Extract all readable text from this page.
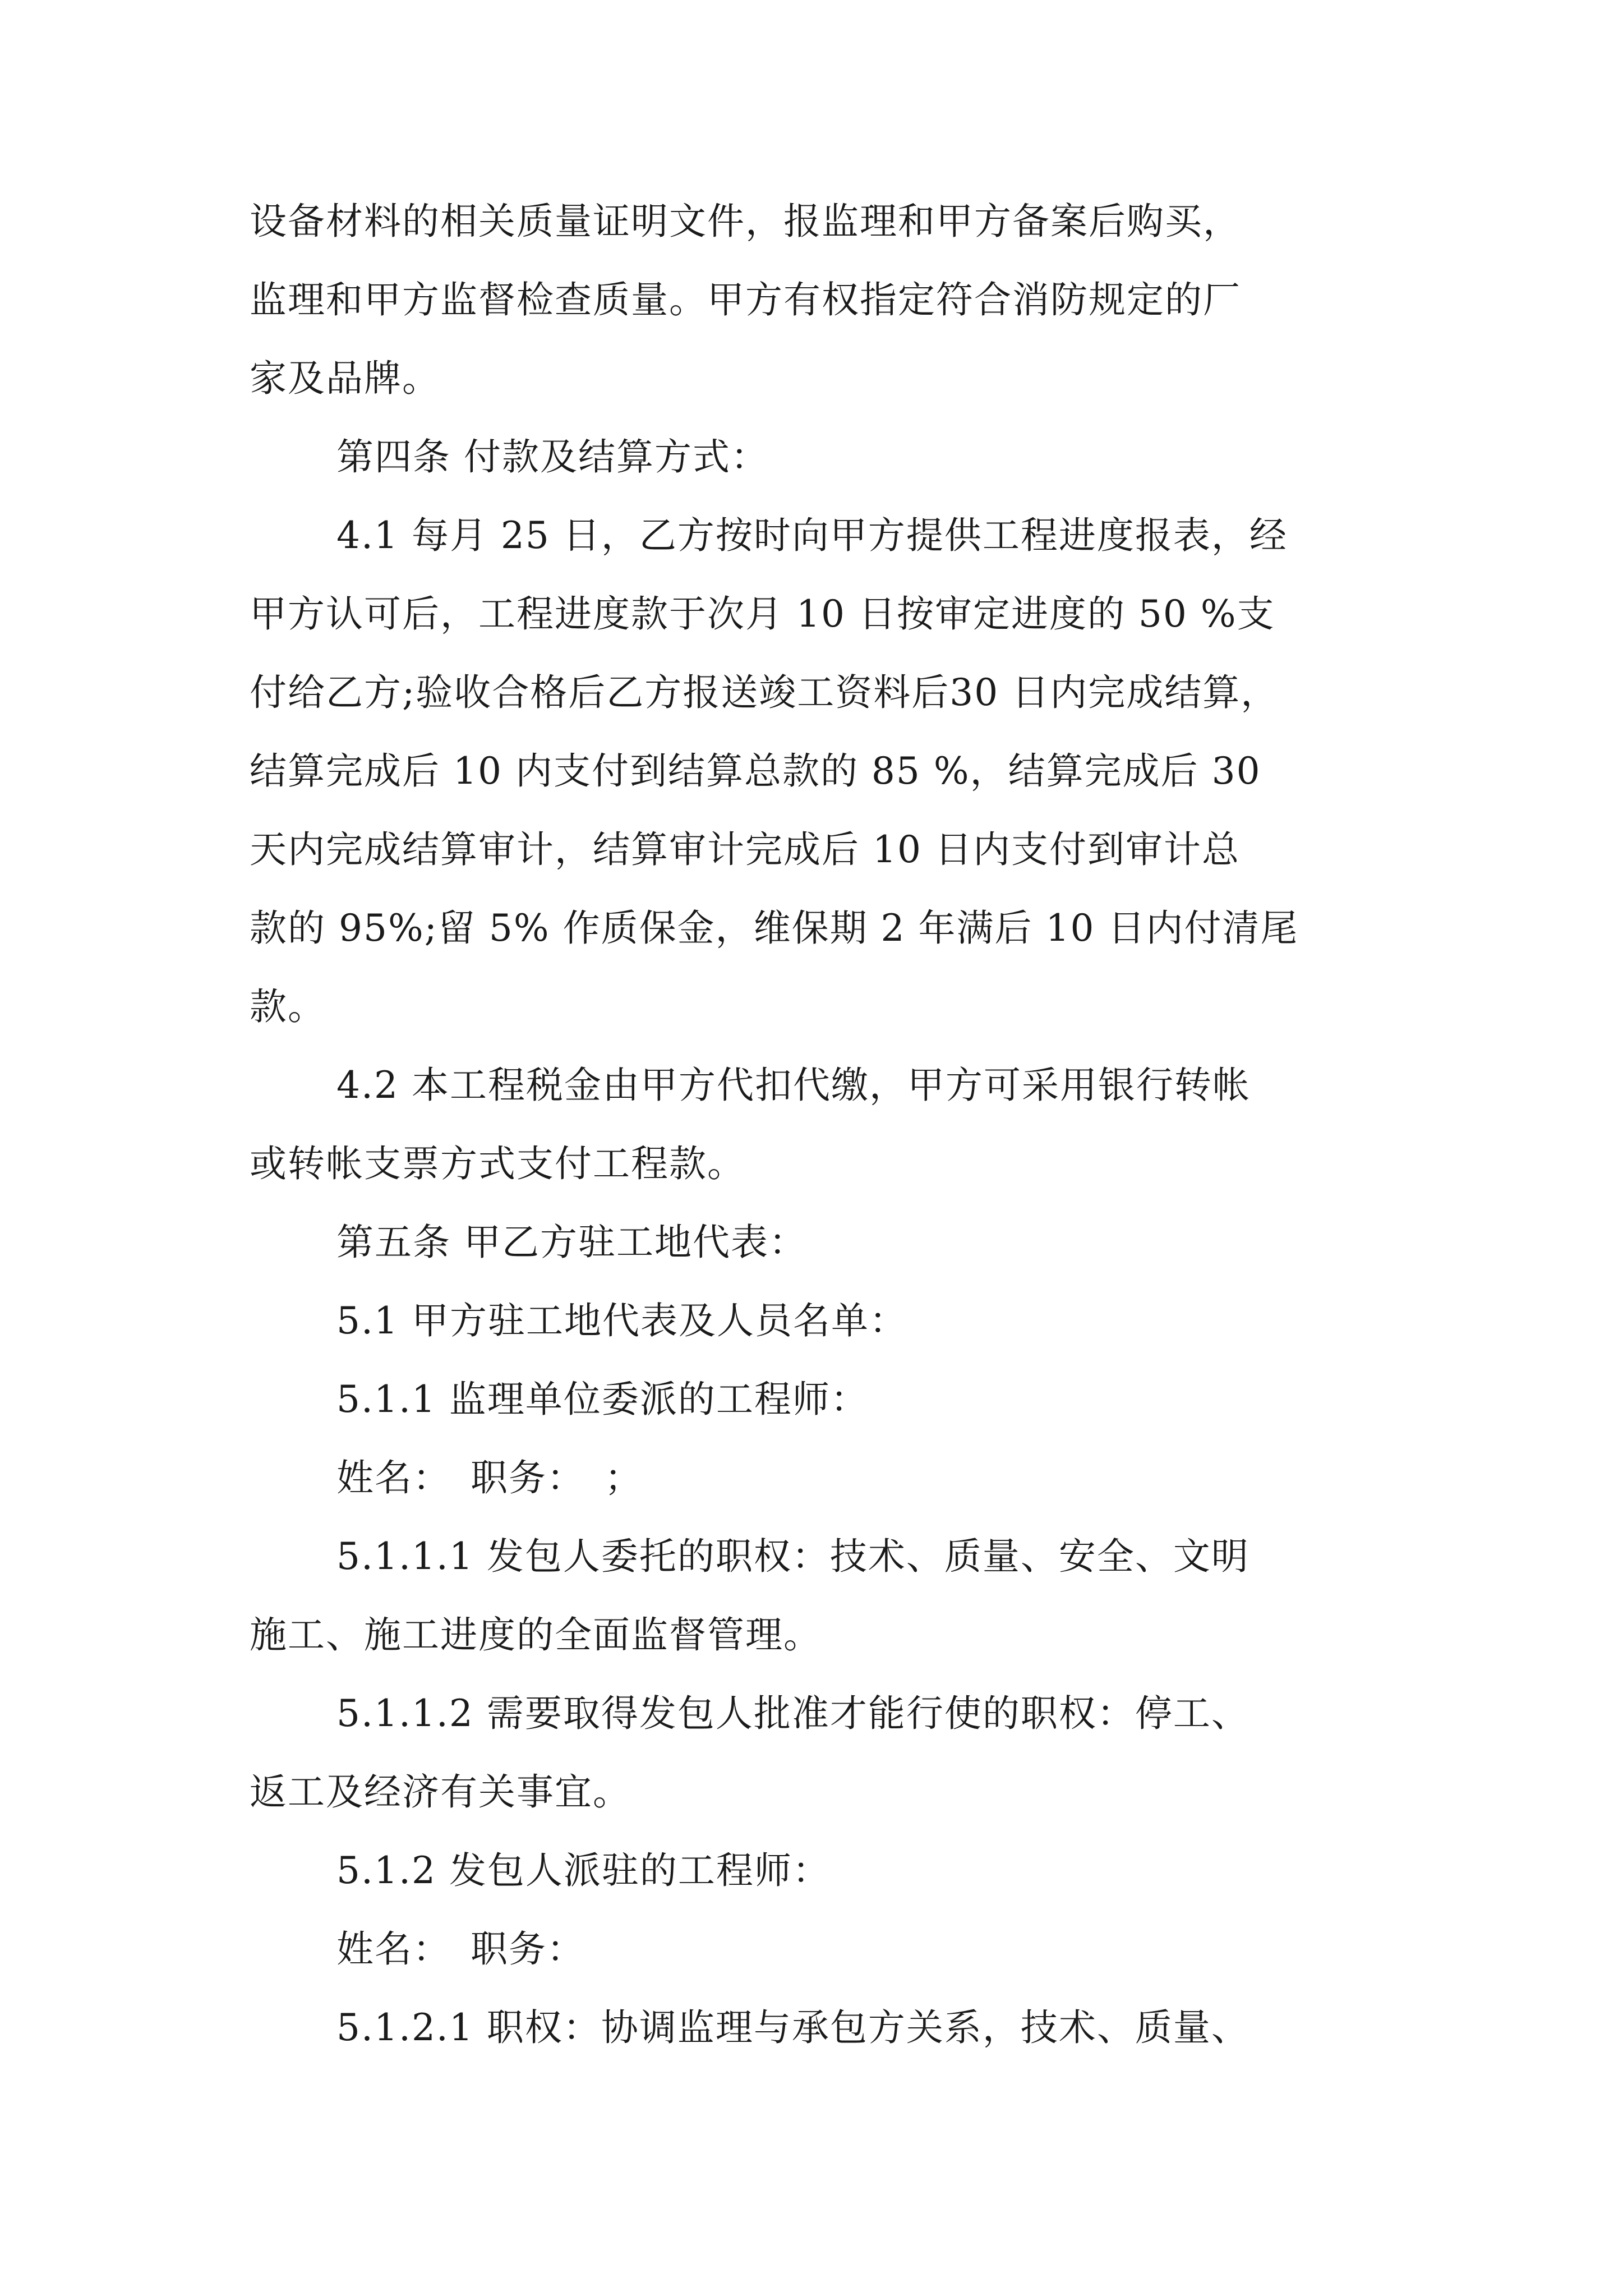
设备材料的相关质量证明文件，报监理和甲方备案后购买，
监理和甲方监督检查质量。甲方有权指定符合消防规定的厂
家及品牌。
第四条 付款及结算方式：
4.1 每月 25 日，乙方按时向甲方提供工程进度报表，经
甲方认可后，工程进度款于次月 10 日按审定进度的 50 %支
付给乙方;验收合格后乙方报送竣工资料后30 日内完成结算，
结算完成后 10 内支付到结算总款的 85 %，结算完成后 30
天内完成结算审计，结算审计完成后 10 日内支付到审计总
款的 95%;留 5% 作质保金，维保期 2 年满后 10 日内付清尾
款。
4.2 本工程税金由甲方代扣代缴，甲方可采用银行转帐
或转帐支票方式支付工程款。
第五条 甲乙方驻工地代表：
5.1 甲方驻工地代表及人员名单：
5.1.1 监理单位委派的工程师：
姓名：　职务：　；
5.1.1.1 发包人委托的职权：技术、质量、安全、文明
施工、施工进度的全面监督管理。
5.1.1.2 需要取得发包人批准才能行使的职权：停工、
返工及经济有关事宜。
5.1.2 发包人派驻的工程师：
姓名：　职务：
5.1.2.1 职权：协调监理与承包方关系，技术、质量、
